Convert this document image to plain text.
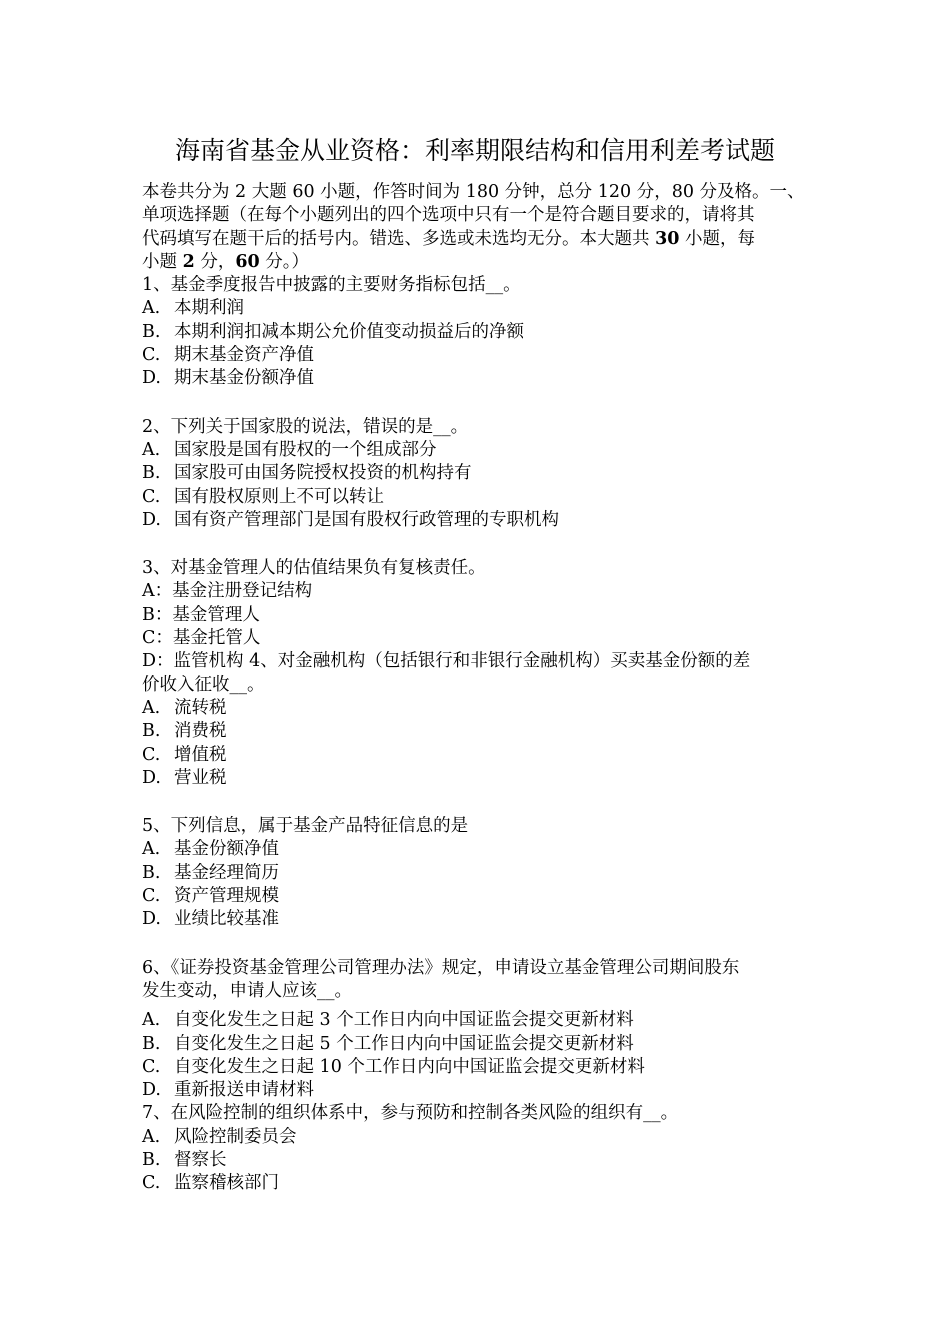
海南省基金从业资格：利率期限结构和信用利差考试题
本卷共分为 2 大题 60 小题，作答时间为 180 分钟，总分 120 分，80 分及格。一、
单项选择题（在每个小题列出的四个选项中只有一个是符合题目要求的，请将其
代码填写在题干后的括号内。错选、多选或未选均无分。本大题共 30 小题，每
小题 2 分，60 分。）
1、基金季度报告中披露的主要财务指标包括__。
A. 本期利润
B. 本期利润扣减本期公允价值变动损益后的净额
C. 期末基金资产净值
D. 期末基金份额净值
2、下列关于国家股的说法，错误的是__。
A. 国家股是国有股权的一个组成部分
B. 国家股可由国务院授权投资的机构持有
C. 国有股权原则上不可以转让
D. 国有资产管理部门是国有股权行政管理的专职机构
3、对基金管理人的估值结果负有复核责任。
A：基金注册登记结构
B：基金管理人
C：基金托管人
D：监管机构 4、对金融机构（包括银行和非银行金融机构）买卖基金份额的差
价收入征收__。
A. 流转税
B. 消费税
C. 增值税
D. 营业税
5、下列信息，属于基金产品特征信息的是
A. 基金份额净值
B. 基金经理简历
C. 资产管理规模
D. 业绩比较基准
6、《证券投资基金管理公司管理办法》规定，申请设立基金管理公司期间股东
发生变动，申请人应该__。
A. 自变化发生之日起 3 个工作日内向中国证监会提交更新材料
B. 自变化发生之日起 5 个工作日内向中国证监会提交更新材料
C. 自变化发生之日起 10 个工作日内向中国证监会提交更新材料
D. 重新报送申请材料
7、在风险控制的组织体系中，参与预防和控制各类风险的组织有__。
A. 风险控制委员会
B. 督察长
C. 监察稽核部门
